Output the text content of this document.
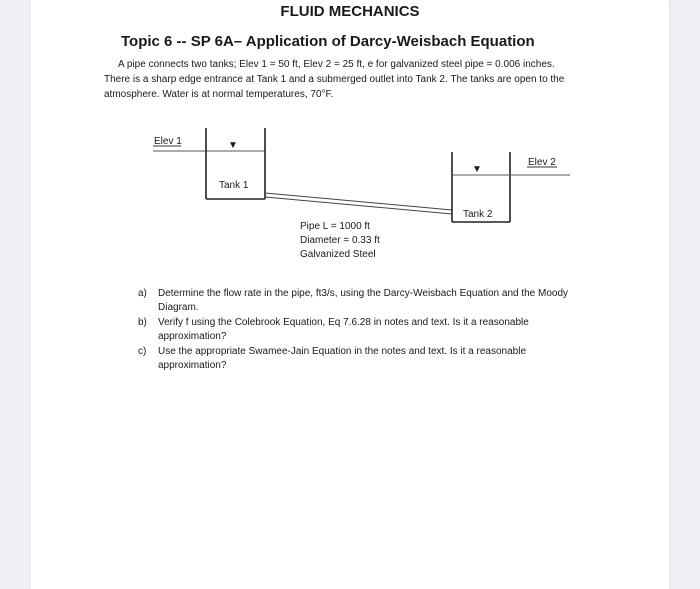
FLUID MECHANICS
Topic 6 -- SP 6A– Application of Darcy-Weisbach Equation

A pipe connects two tanks; Elev 1 = 50 ft, Elev 2 = 25 ft, e for galvanized steel pipe = 0.006 inches.
There is a sharp edge entrance at Tank 1 and a submerged outlet into Tank 2. The tanks are open to the
atmosphere. Water is at normal temperatures, 70°F.

Elev 1	▼
Tank 1
▼
Tank 2
Elev 2
Pipe L = 1000 ft
Diameter = 0.33 ft
Galvanized Steel
a)	Determine the flow rate in the pipe, ft3/s, using the Darcy-Weisbach Equation and the Moody
Diagram.
b)	Verify f using the Colebrook Equation, Eq 7.6.28 in notes and text. Is it a reasonable
approximation?
c)	Use the appropriate Swamee-Jain Equation in the notes and text. Is it a reasonable
approximation?
